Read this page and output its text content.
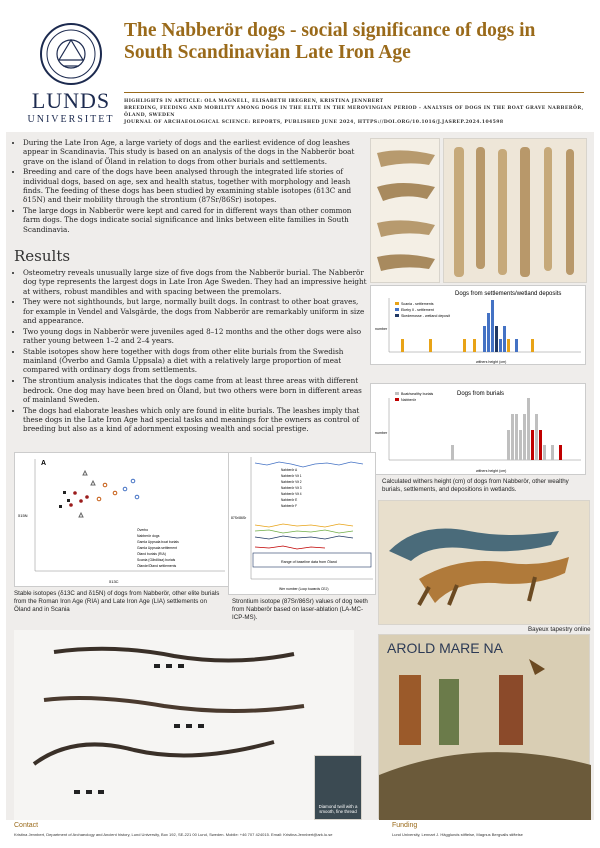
LUNDS
UNIVERSITET
The Nabberör dogs - social significance of dogs in South Scandinavian Late Iron Age
HIGHLIGHTS IN ARTICLE: OLA MAGNELL, ELISABETH IREGREN, KRISTINA JENNBERT
BREEDING, FEEDING AND MOBILITY AMONG DOGS IN THE ELITE IN THE MEROVINGIAN PERIOD - ANALYSIS OF DOGS IN THE BOAT GRAVE NABBERÖR, ÖLAND, SWEDEN
JOURNAL OF ARCHAEOLOGICAL SCIENCE: REPORTS, PUBLISHED JUNE 2024, HTTPS://DOI.ORG/10.1016/J.JASREP.2024.104598
• During the Late Iron Age, a large variety of dogs and the earliest evidence of dog leashes appear in Scandinavia. This study is based on an analysis of the dogs in the Nabberör boat grave on the island of Öland in relation to dogs from other burials and settlements.
• Breeding and care of the dogs have been analysed through the integrated life stories of individual dogs, based on age, sex and health status, together with morphology and leash finds. The feeding of these dogs has been studied by examining stable isotopes (δ13C and δ15N) and their mobility through the strontium (87Sr/86Sr) isotopes.
• The large dogs in Nabberör were kept and cared for in different ways than other common farm dogs. The dogs indicate social significance and links between elite families in South Scandinavia.
Results
• Osteometry reveals unusually large size of five dogs from the Nabberör burial. The Nabberör dog type represents the largest dogs in Late Iron Age Sweden. They had an impressive height at withers, robust mandibles and with spacing between the premolars.
• They were not sighthounds, but large, normally built dogs. In contrast to other boat graves, for example in Vendel and Valsgärde, the dogs from Nabberör are remarkably uniform in size and appearance.
• Two young dogs in Nabberör were juveniles aged 8–12 months and the other dogs were also rather young between 1–2 and 2–4 years.
• Stable isotopes show here together with dogs from other elite burials from the Swedish mainland (Överbo and Gamla Uppsala) a diet with a relatively large proportion of meat compared with ordinary dogs from settlements.
• The strontium analysis indicates that the dogs came from at least three areas with different bedrock. One dog may have been bred on Öland, but two others were born in different areas of mainland Sweden.
• The dogs had elaborate leashes which only are found in elite burials. The leashes imply that these dogs in the Late Iron Age had special tasks and meanings for the owners as control of breeding but also as a kind of adornment exposing wealth and social prestige.
Dogs from settlements/wetland deposits
Scania - settlements
Ekeby II - settlement
Skedemosse - wetland deposit
withers height (cm)
number
Dogs from burials
Boat/wealthy burials
Nabberör
withers height (cm)
number
Calculated withers height (cm) of dogs from Nabberör, other wealthy burials, settlements, and depositions in wetlands.
A
δ13C
δ15N
Överbo
Nabberör dogs
Gamla Uppsala boat burials
Gamla Uppsala settlement
Öland burials (RIA)
Scania (Gårdlösa) burials
Ölande/Öland settlements
Stable isotopes (δ13C and δ15N) of dogs from Nabberör, other elite burials from the Roman Iron Age (RIA) and Late Iron Age (LIA) settlements on Öland and in Scania
Range of baseline data from Öland
Nabberör A
Nabberör Vit 1
Nabberör Vit 2
Nabberör Vit 3
Nabberör Vit 4
Nabberör E
Nabberör F
Wer number (Loop towards CEJ)
87Sr/86Sr
Strontium isotope (87Sr/86Sr) values of dog teeth from Nabberör based on laser-ablation (LA-MC-ICP-MS).
Bayeux tapestry online
AROLD MARE NA
Diamond twill with a smooth, fine thread
Contact
Kristina Jennbert, Department of Archaeology and Ancient history, Lund University, Box 192, SE-221 00 Lund, Sweden. Mobile: +46 707 424015. Email: Kristina.Jennbert@ark.lu.se
Funding
Lund University, Lennart J. Hägglunds stiftelse, Magnus Bergvalls stiftelse
